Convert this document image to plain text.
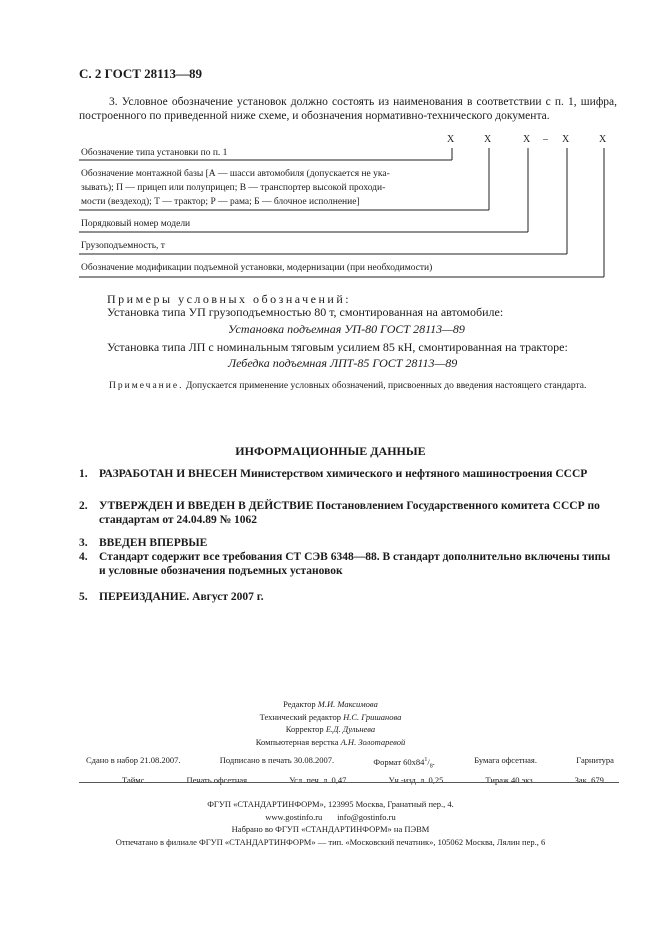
С. 2 ГОСТ 28113—89
3. Условное обозначение установок должно состоять из наименования в соответствии с п. 1, шифра, построенного по приведенной ниже схеме, и обозначения нормативно-технического документа.
Х	Х	Х – Х	Х
Обозначение типа установки по п. 1
Обозначение монтажной базы [А — шасси автомобиля (допускается не ука-
зывать); П — прицеп или полуприцеп; В — транспортер высокой проходи-
мости (вездеход); Т — трактор; Р — рама; Б — блочное исполнение]
Порядковый номер модели
Грузоподъемность, т
Обозначение модификации подъемной установки, модернизации (при необходимости)
Примеры условных обозначений:
Установка типа УП грузоподъемностью 80 т, смонтированная на автомобиле:
Установка подъемная УП-80 ГОСТ 28113—89
Установка типа ЛП с номинальным тяговым усилием 85 кН, смонтированная на тракторе:
Лебедка подъемная ЛПТ-85 ГОСТ 28113—89
Примечание. Допускается применение условных обозначений, присвоенных до введения настоящего стандарта.
ИНФОРМАЦИОННЫЕ ДАННЫЕ
1. РАЗРАБОТАН И ВНЕСЕН Министерством химического и нефтяного машиностроения СССР
2. УТВЕРЖДЕН И ВВЕДЕН В ДЕЙСТВИЕ Постановлением Государственного комитета СССР по стандартам от 24.04.89 № 1062
3. ВВЕДЕН ВПЕРВЫЕ
4. Стандарт содержит все требования СТ СЭВ 6348—88. В стандарт дополнительно включены типы и условные обозначения подъемных установок
5. ПЕРЕИЗДАНИЕ. Август 2007 г.
Редактор М.И. Максимова
Технический редактор Н.С. Гришанова
Корректор Е.Д. Дульнева
Компьютерная верстка А.Н. Золотаревой
Сдано в набор 21.08.2007.	Подписано в печать 30.08.2007.	Формат $60х84^1/_8$.	Бумага офсетная.	Гарнитура
Таймс.	Печать офсетная.	Усл. печ. л. 0,47.	Уч.-изд. л. 0,25.	Тираж 40 экз.	Зак. 679.
ФГУП «СТАНДАРТИНФОРМ», 123995 Москва, Гранатный пер., 4.
www.gostinfo.ru info@gostinfo.ru
Набрано во ФГУП «СТАНДАРТИНФОРМ» на ПЭВМ
Отпечатано в филиале ФГУП «СТАНДАРТИНФОРМ» — тип. «Московский печатник», 105062 Москва, Лялин пер., 6
